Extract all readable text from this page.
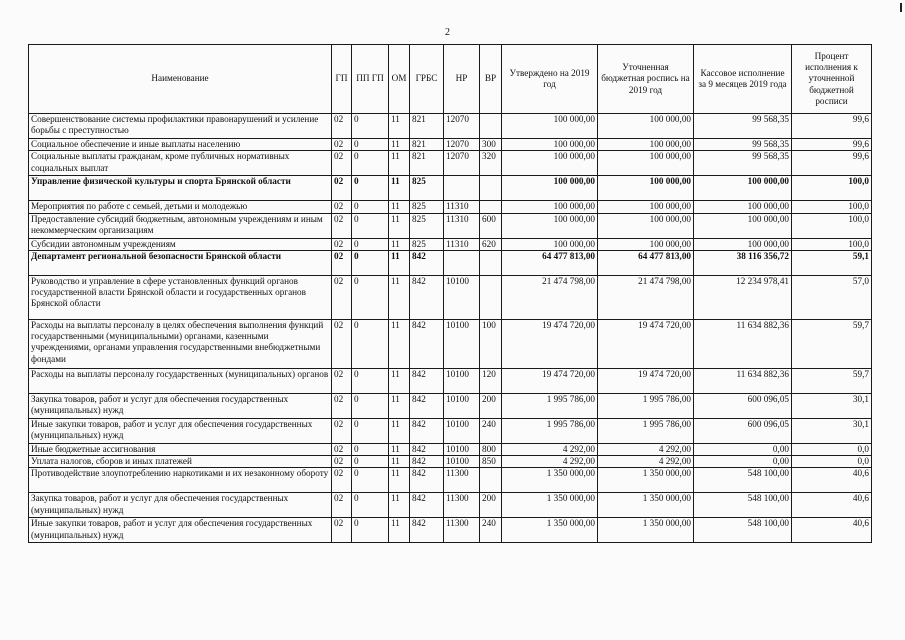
2
Наименование	ГП	ПП ГП	ОМ	ГРБС	НР	ВР	Утверждено на 2019 год	Уточненная бюджетная роспись на 2019 год	Кассовое исполнение за 9 месяцев 2019 года	Процент исполнения к уточненной бюджетной росписи
Совершенствование системы профилактики правонарушений и усиление борьбы с преступностью	02	0	11	821	12070		100 000,00	100 000,00	99 568,35	99,6
Социальное обеспечение и иные выплаты населению	02	0	11	821	12070	300	100 000,00	100 000,00	99 568,35	99,6
Социальные выплаты гражданам, кроме публичных нормативных социальных выплат	02	0	11	821	12070	320	100 000,00	100 000,00	99 568,35	99,6
Управление физической культуры и спорта Брянской области	02	0	11	825			100 000,00	100 000,00	100 000,00	100,0
Мероприятия по работе с семьей, детьми и молодежью	02	0	11	825	11310		100 000,00	100 000,00	100 000,00	100,0
Предоставление субсидий бюджетным, автономным учреждениям и иным некоммерческим организациям	02	0	11	825	11310	600	100 000,00	100 000,00	100 000,00	100,0
Субсидии автономным учреждениям	02	0	11	825	11310	620	100 000,00	100 000,00	100 000,00	100,0
Департамент региональной безопасности Брянской области	02	0	11	842			64 477 813,00	64 477 813,00	38 116 356,72	59,1
Руководство и управление в сфере установленных функций органов государственной власти Брянской области и государственных органов Брянской области	02	0	11	842	10100		21 474 798,00	21 474 798,00	12 234 978,41	57,0
Расходы на выплаты персоналу в целях обеспечения выполнения функций государственными (муниципальными) органами, казенными учреждениями, органами управления государственными внебюджетными фондами	02	0	11	842	10100	100	19 474 720,00	19 474 720,00	11 634 882,36	59,7
Расходы на выплаты персоналу государственных (муниципальных) органов	02	0	11	842	10100	120	19 474 720,00	19 474 720,00	11 634 882,36	59,7
Закупка товаров, работ и услуг для обеспечения государственных (муниципальных) нужд	02	0	11	842	10100	200	1 995 786,00	1 995 786,00	600 096,05	30,1
Иные закупки товаров, работ и услуг для обеспечения государственных (муниципальных) нужд	02	0	11	842	10100	240	1 995 786,00	1 995 786,00	600 096,05	30,1
Иные бюджетные ассигнования	02	0	11	842	10100	800	4 292,00	4 292,00	0,00	0,0
Уплата налогов, сборов и иных платежей	02	0	11	842	10100	850	4 292,00	4 292,00	0,00	0,0
Противодействие злоупотреблению наркотиками и их незаконному обороту	02	0	11	842	11300		1 350 000,00	1 350 000,00	548 100,00	40,6
Закупка товаров, работ и услуг для обеспечения государственных (муниципальных) нужд	02	0	11	842	11300	200	1 350 000,00	1 350 000,00	548 100,00	40,6
Иные закупки товаров, работ и услуг для обеспечения государственных (муниципальных) нужд	02	0	11	842	11300	240	1 350 000,00	1 350 000,00	548 100,00	40,6
